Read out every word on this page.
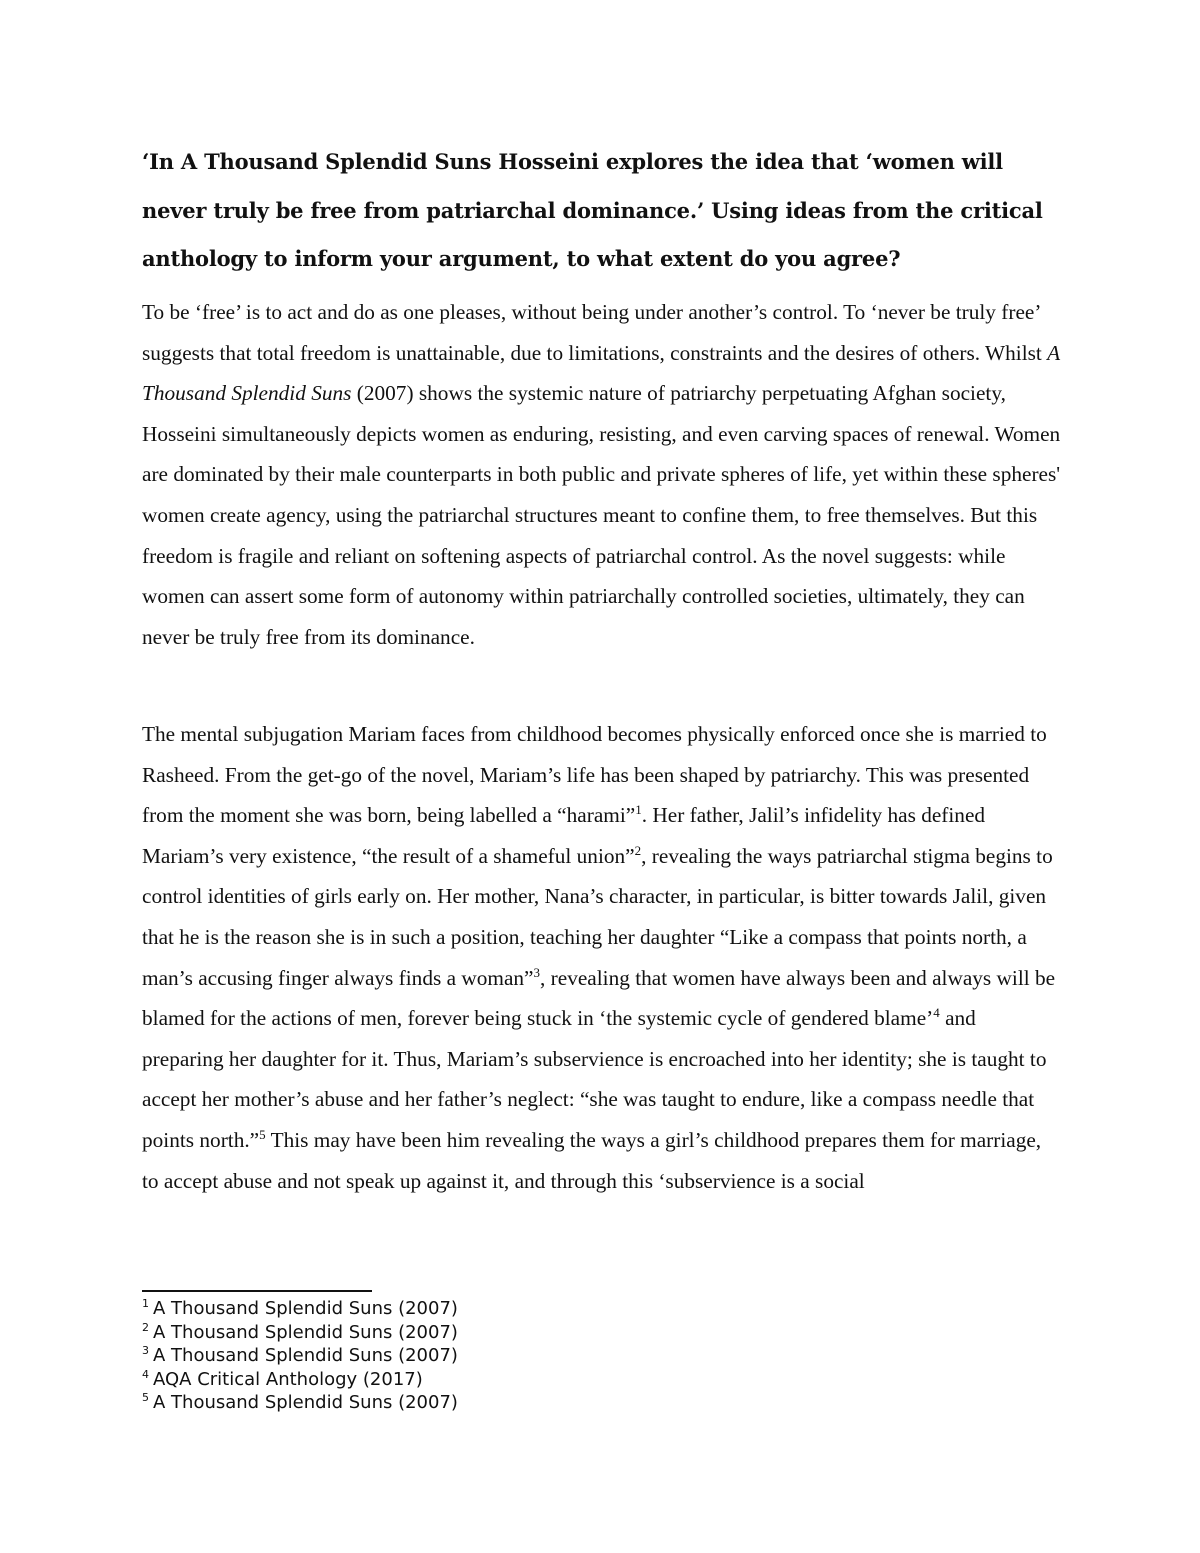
‘In A Thousand Splendid Suns Hosseini explores the idea that ‘women will never truly be free from patriarchal dominance.’ Using ideas from the critical anthology to inform your argument, to what extent do you agree?

To be ‘free’ is to act and do as one pleases, without being under another’s control. To ‘never be truly free’ suggests that total freedom is unattainable, due to limitations, constraints and the desires of others. Whilst A Thousand Splendid Suns (2007) shows the systemic nature of patriarchy perpetuating Afghan society, Hosseini simultaneously depicts women as enduring, resisting, and even carving spaces of renewal. Women are dominated by their male counterparts in both public and private spheres of life, yet within these spheres' women create agency, using the patriarchal structures meant to confine them, to free themselves. But this freedom is fragile and reliant on softening aspects of patriarchal control. As the novel suggests: while women can assert some form of autonomy within patriarchally controlled societies, ultimately, they can never be truly free from its dominance.

The mental subjugation Mariam faces from childhood becomes physically enforced once she is married to Rasheed. From the get-go of the novel, Mariam’s life has been shaped by patriarchy. This was presented from the moment she was born, being labelled a “harami”$^1$. Her father, Jalil’s infidelity has defined Mariam’s very existence, “the result of a shameful union”$^2$, revealing the ways patriarchal stigma begins to control identities of girls early on. Her mother, Nana’s character, in particular, is bitter towards Jalil, given that he is the reason she is in such a position, teaching her daughter “Like a compass that points north, a man’s accusing finger always finds a woman”$^3$, revealing that women have always been and always will be blamed for the actions of men, forever being stuck in ‘the systemic cycle of gendered blame’$^4$ and preparing her daughter for it. Thus, Mariam’s subservience is encroached into her identity; she is taught to accept her mother’s abuse and her father’s neglect: “she was taught to endure, like a compass needle that points north.”$^5$ This may have been him revealing the ways a girl’s childhood prepares them for marriage, to accept abuse and not speak up against it, and through this ‘subservience is a social

$^1$ A Thousand Splendid Suns (2007)

$^2$ A Thousand Splendid Suns (2007)

$^3$ A Thousand Splendid Suns (2007)

$^4$ AQA Critical Anthology (2017)

$^5$ A Thousand Splendid Suns (2007)
